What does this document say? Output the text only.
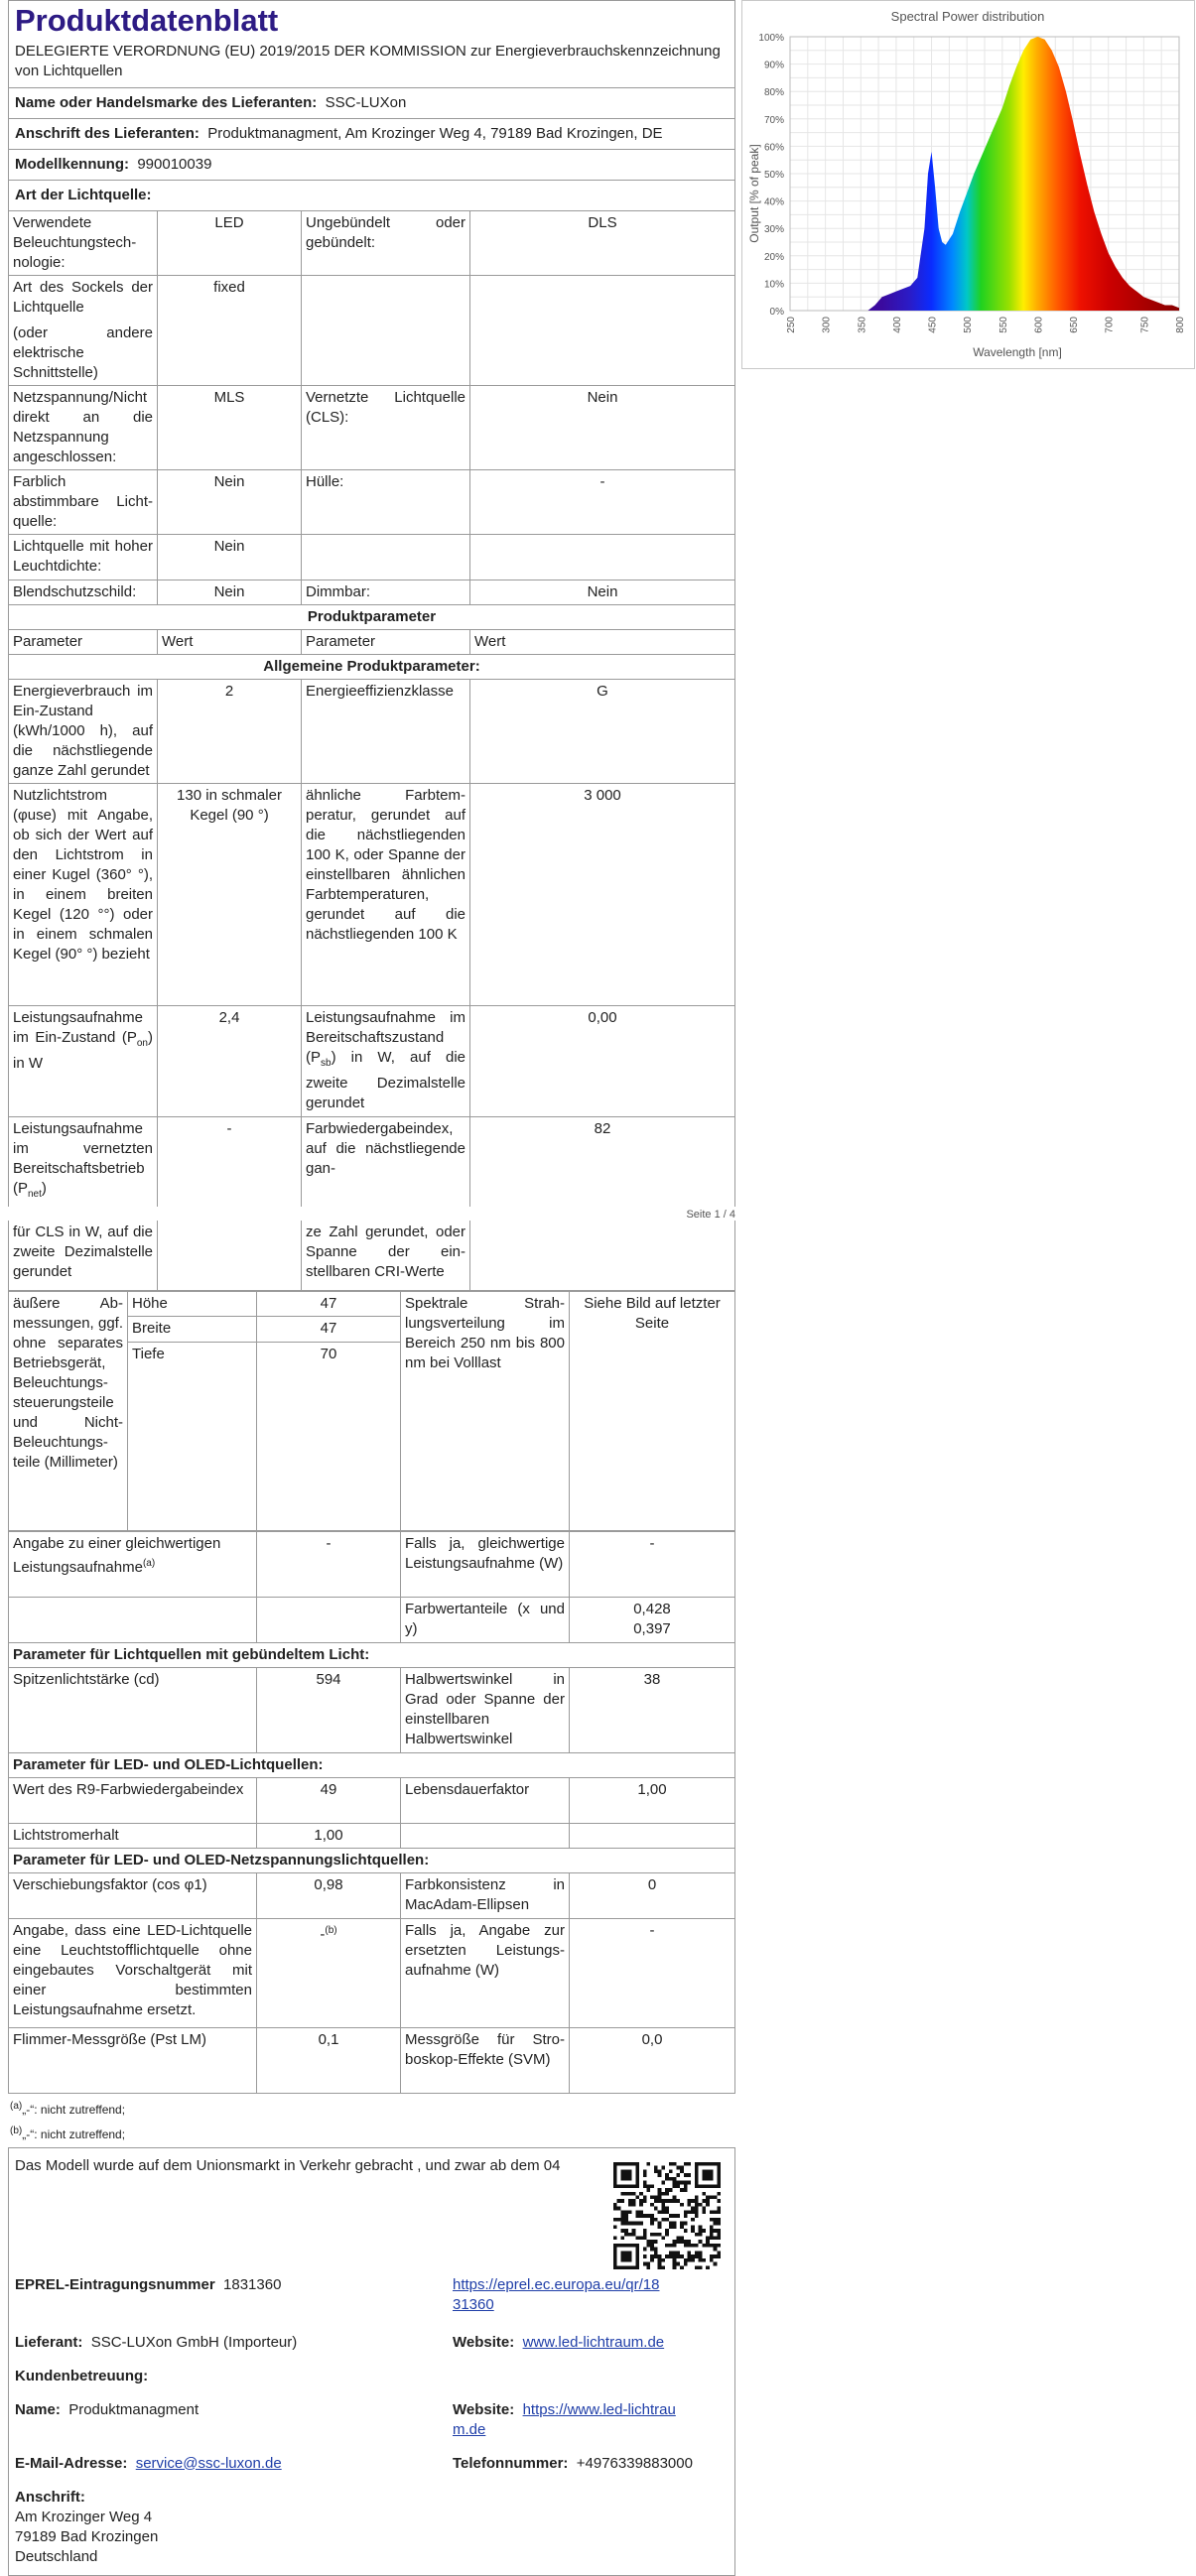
Produktdatenblatt
DELEGIERTE VERORDNUNG (EU) 2019/2015 DER KOMMISSION zur Energieverbrauchskennzeichnung von Lichtquellen
Name oder Handelsmarke des Lieferanten: SSC-LUXon
Anschrift des Lieferanten: Produktmanagment, Am Krozinger Weg 4, 79189 Bad Krozingen, DE
Modellkennung: 990010039
Art der Lichtquelle:
Verwendete Beleuchtungstechnologie:	LED	Ungebündelt oder gebündelt:	DLS

Art des Sockels der Lichtquelle
(oder andere elektrische Schnittstelle)	fixed		
Netzspannung/Nicht direkt an die Netzspannung angeschlossen:	MLS	Vernetzte Lichtquelle (CLS):	Nein
Farblich abstimmbare Lichtquelle:	Nein	Hülle:	-
Lichtquelle mit hoher Leuchtdichte:	Nein		
Blendschutzschild:	Nein	Dimmbar:	Nein
Produktparameter			
Parameter	Wert	Parameter	Wert
Allgemeine Produktparameter:			
Energieverbrauch im Ein-Zustand (kWh/1000 h), auf die nächstliegende ganze Zahl gerundet	2	Energieeffizienzklasse	G
Nutzlichtstrom (φuse) mit Angabe, ob sich der Wert auf den Lichtstrom in einer Kugel (360° °), in einem breiten Kegel (120 °°) oder in einem schmalen Kegel (90° °) bezieht	130 in schmaler Kegel (90 °)	ähnliche Farbtemperatur, gerundet auf die nächstliegenden 100 K, oder Spanne der einstellbaren ähnlichen Farbtemperaturen, gerundet auf die nächstliegenden 100 K	3 000
Leistungsaufnahme im Ein-Zustand $(P_{on})$ in W	2,4	Leistungsaufnahme im Bereitschaftszustand $(P_{sb})$ in W, auf die zweite Dezimalstelle gerundet	0,00
Leistungsaufnahme im vernetzten Bereitschaftsbetrieb $(P_{net})$	-	Farbwiedergabeindex, auf die nächstliegende gan-	82
Seite 1 / 4
für CLS in W, auf die zweite Dezimalstelle gerundet		ze Zahl gerundet, oder Spanne der einstellbaren CRI-Werte	
äußere Abmessungen, ggf. ohne separates Betriebsgerät, Beleuchtungssteuerungsteile und Nicht-Beleuchtungsteile (Millimeter)	Höhe	47	Spektrale Strahlungsverteilung im Bereich 250 nm bis 800 nm bei Volllast	Siehe Bild auf letzter Seite
	Breite	47		
	Tiefe	70		
Angabe zu einer gleichwertigen Leistungsaufnahme$^{(a)}$	-	Falls ja, gleichwertige Leistungsaufnahme (W)	-
		Farbwertanteile (x und y)	0,428
0,397

Parameter für Lichtquellen mit gebündeltem Licht:			
Spitzenlichtstärke (cd)	594	Halbwertswinkel in Grad oder Spanne der einstellbaren Halbwertswinkel	38
Parameter für LED- und OLED-Lichtquellen:			
Wert des R9-Farbwiedergabeindex	49	Lebensdauerfaktor	1,00
Lichtstromerhalt	1,00		
Parameter für LED- und OLED-Netzspannungslichtquellen:			
Verschiebungsfaktor (cos φ1)	0,98	Farbkonsistenz in MacAdam-Ellipsen	0
Angabe, dass eine LED-Lichtquelle eine Leuchtstofflichtquelle ohne eingebautes Vorschaltgerät mit einer bestimmten Leistungsaufnahme ersetzt.	-$^{(b)}$	Falls ja, Angabe zur ersetzten Leistungsaufnahme (W)	-
Flimmer-Messgröße (Pst LM)	0,1	Messgröße für Stroboskop-Effekte (SVM)	0,0
$^{(a)}$„-“: nicht zutreffend;
$^{(b)}$„-“: nicht zutreffend;
Das Modell wurde auf dem Unionsmarkt in Verkehr gebracht , und zwar ab dem 04
EPREL-Eintragungsnummer 1831360	https://eprel.ec.europa.eu/qr/18
31360
Lieferant: SSC-LUXon GmbH (Importeur)	Website: www.led-lichtraum.de
Kundenbetreuung:
Name: Produktmanagment	Website: https://www.led-lichtrau
m.de
E-Mail-Adresse: service@ssc-luxon.de	Telefonnummer: +4976339883000
Anschrift:
Am Krozinger Weg 4
79189 Bad Krozingen
Deutschland
Spectral Power distribution
Wavelength [nm]
Output [% of peak]
0%
10%
20%
30%
40%
50%
60%
70%
80%
90%
100%
250 300 350 400 450 500 550 600 650 700 750 800
